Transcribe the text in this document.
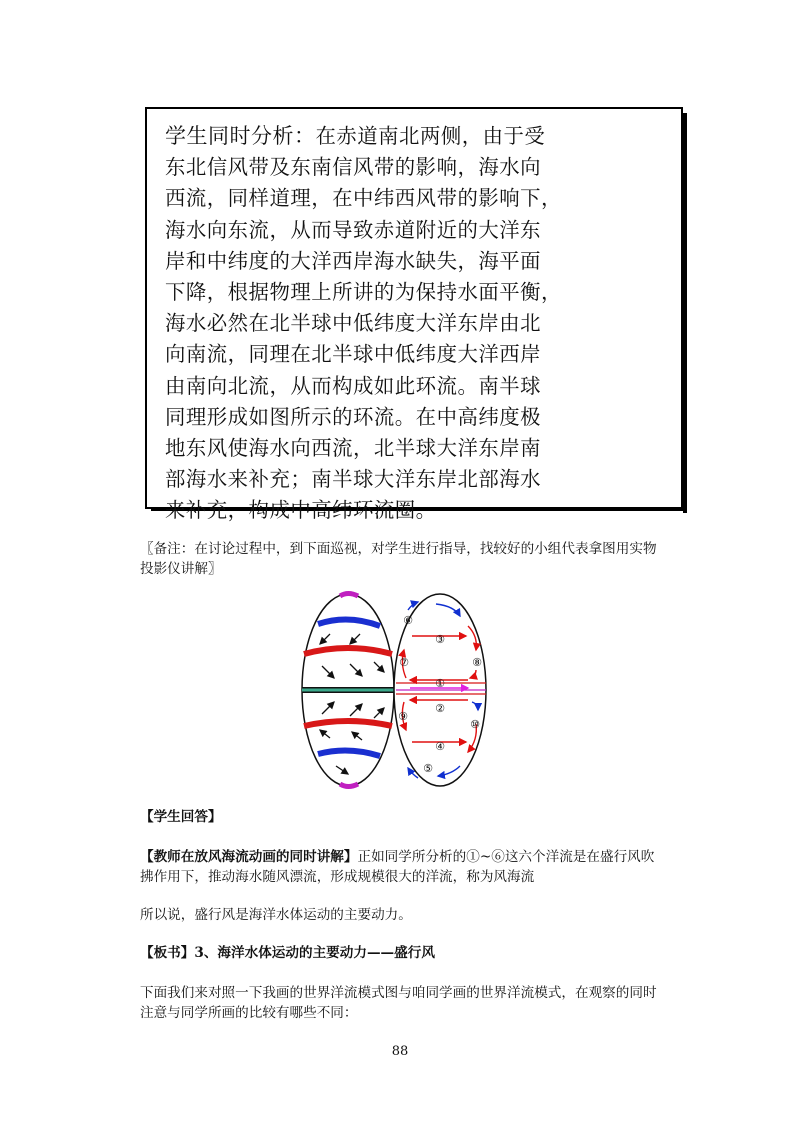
学生同时分析：在赤道南北两侧，由于受
东北信风带及东南信风带的影响，海水向
西流，同样道理，在中纬西风带的影响下，
海水向东流，从而导致赤道附近的大洋东
岸和中纬度的大洋西岸海水缺失，海平面
下降，根据物理上所讲的为保持水面平衡，
海水必然在北半球中低纬度大洋东岸由北
向南流，同理在北半球中低纬度大洋西岸
由南向北流，从而构成如此环流。南半球
同理形成如图所示的环流。在中高纬度极
地东风使海水向西流，北半球大洋东岸南
部海水来补充；南半球大洋东岸北部海水
来补充，构成中高纬环流圈。
〖备注：在讨论过程中，到下面巡视，对学生进行指导，找较好的小组代表拿图用实物
投影仪讲解〗
①
②
③
④
⑤
⑥
⑦	⑧
⑨
⑩
【学生回答】
【教师在放风海流动画的同时讲解】正如同学所分析的①~⑥这六个洋流是在盛行风吹
拂作用下，推动海水随风漂流，形成规模很大的洋流，称为风海流
所以说，盛行风是海洋水体运动的主要动力。
【板书】3、海洋水体运动的主要动力——盛行风
下面我们来对照一下我画的世界洋流模式图与咱同学画的世界洋流模式，在观察的同时
注意与同学所画的比较有哪些不同：
88
